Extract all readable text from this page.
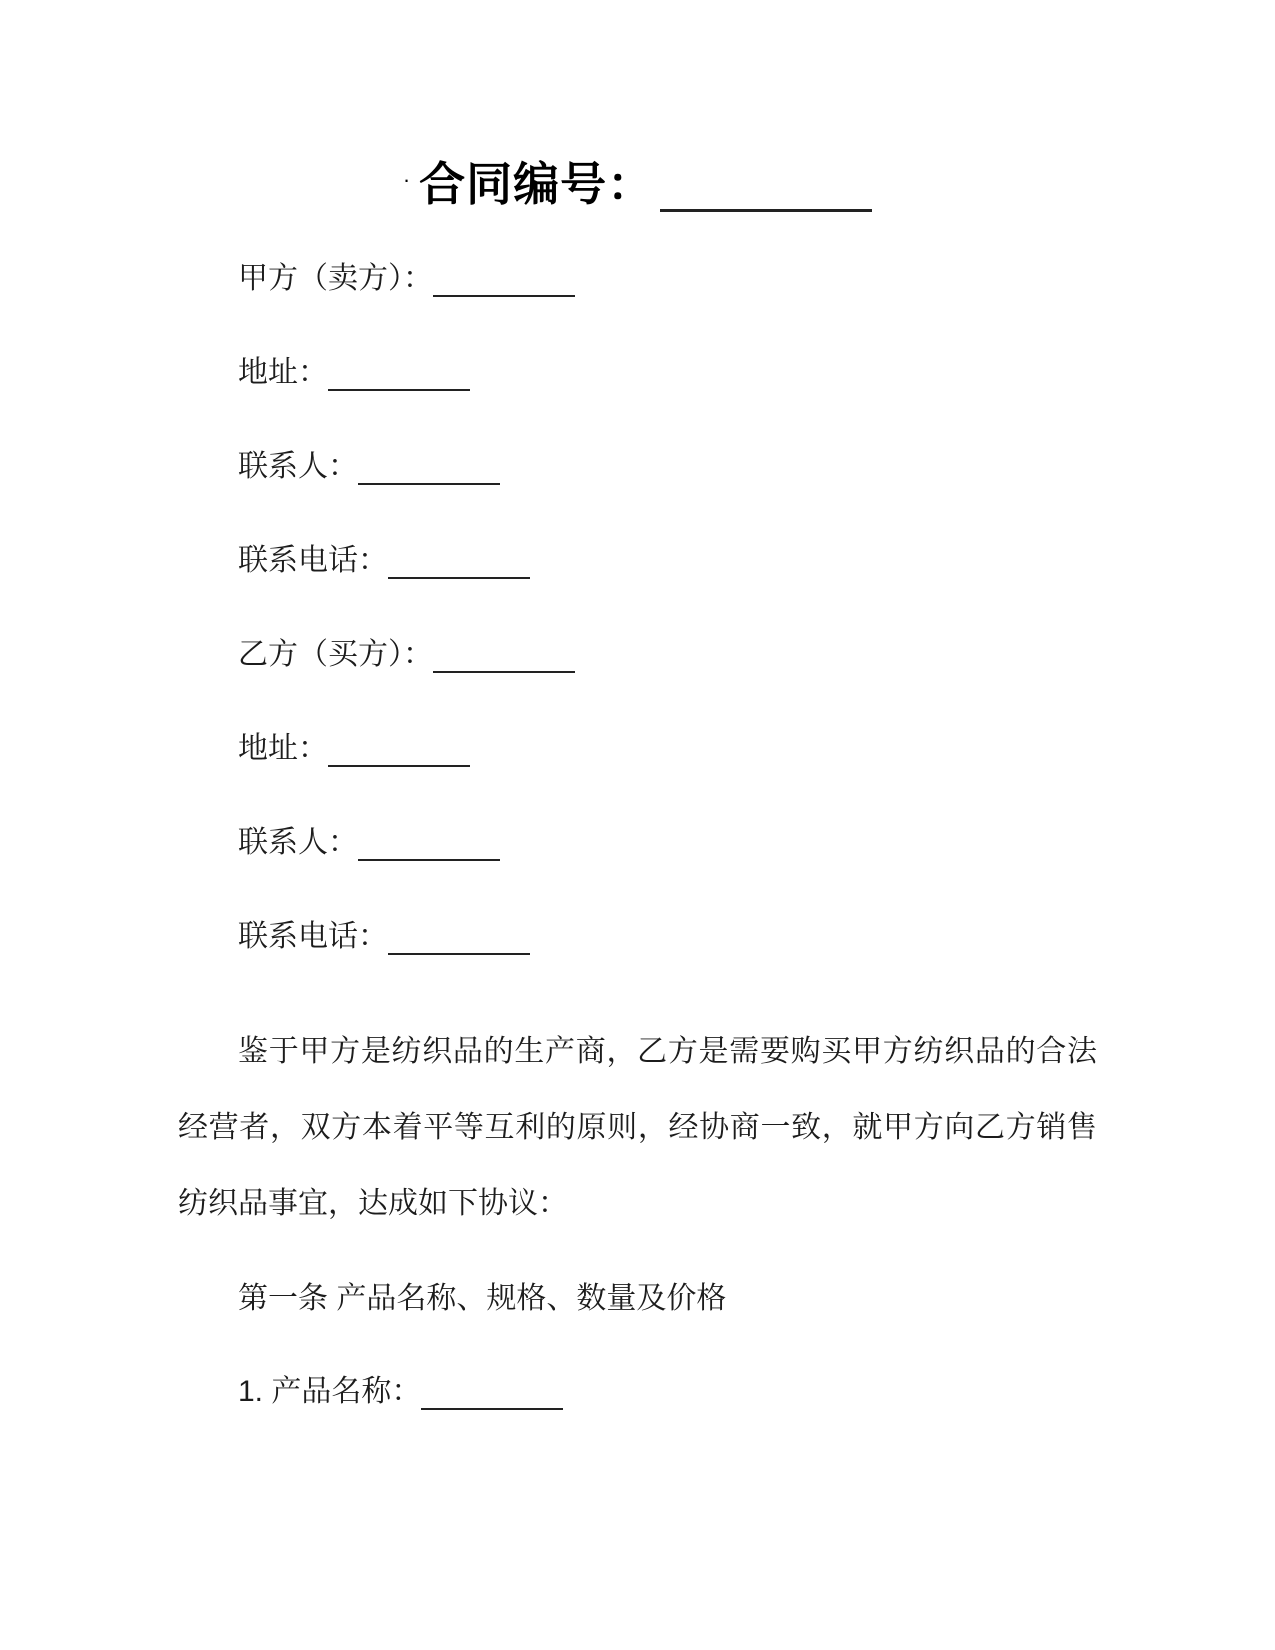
· 合同编号：
甲方（卖方）：
地址：
联系人：
联系电话：
乙方（买方）：
地址：
联系人：
联系电话：

鉴于甲方是纺织品的生产商，乙方是需要购买甲方纺织品的合法经营者，双方本着平等互利的原则，经协商一致，就甲方向乙方销售纺织品事宜，达成如下协议：

第一条 产品名称、规格、数量及价格
1. 产品名称：
